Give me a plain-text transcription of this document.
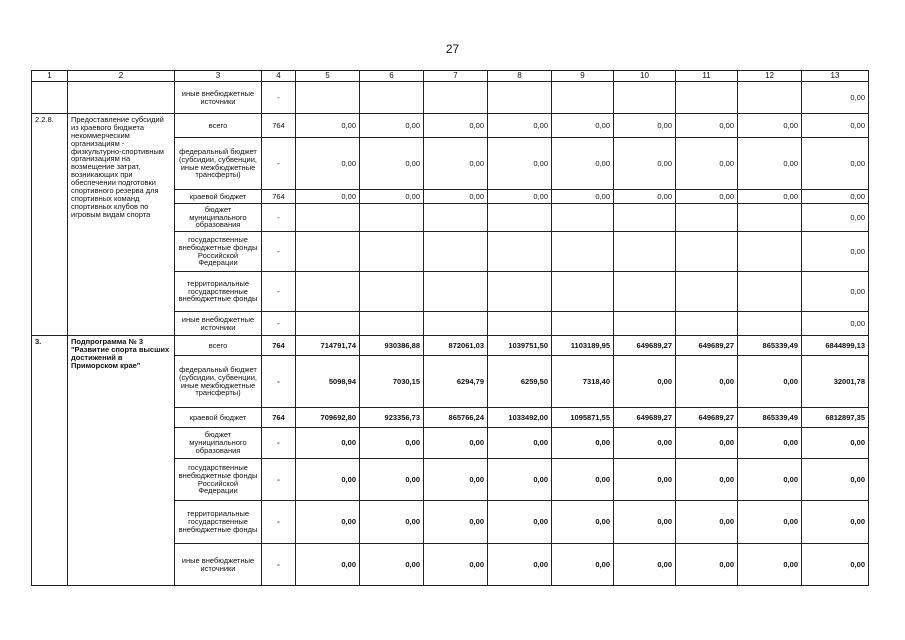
27
1	2	3	4	5	6	7	8	9	10	11	12	13
		иные внебюджетные источники	-									0,00
2.2.8.	Предоставление субсидий из краевого бюджета некоммерческим организациям - физкультурно-спортивным организациям на возмещение затрат, возникающих при обеспечении подготовки спортивного резерва для спортивных команд спортивных клубов по игровым видам спорта	всего	764	0,00	0,00	0,00	0,00	0,00	0,00	0,00	0,00	0,00
		федеральный бюджет (субсидии, субвенции, иные межбюджетные трансферты)	-	0,00	0,00	0,00	0,00	0,00	0,00	0,00	0,00	0,00
		краевой бюджет	764	0,00	0,00	0,00	0,00	0,00	0,00	0,00	0,00	0,00
		бюджет муниципального образования	-									0,00
		государственные внебюджетные фонды Российской Федерации	-									0,00
		территориальные государственные внебюджетные фонды	-									0,00
		иные внебюджетные источники	-									0,00
3.	Подпрограмма № 3 "Развитие спорта высших достижений в Приморском крае"	всего	764	714791,74	930386,88	872061,03	1039751,50	1103189,95	649689,27	649689,27	865339,49	6844899,13
		федеральный бюджет (субсидии, субвенции, иные межбюджетные трансферты)	-	5098,94	7030,15	6294,79	6259,50	7318,40	0,00	0,00	0,00	32001,78
		краевой бюджет	764	709692,80	923356,73	865766,24	1033492,00	1095871,55	649689,27	649689,27	865339,49	6812897,35
		бюджет муниципального образования	-	0,00	0,00	0,00	0,00	0,00	0,00	0,00	0,00	0,00
		государственные внебюджетные фонды Российской Федерации	-	0,00	0,00	0,00	0,00	0,00	0,00	0,00	0,00	0,00
		территориальные государственные внебюджетные фонды	-	0,00	0,00	0,00	0,00	0,00	0,00	0,00	0,00	0,00
		иные внебюджетные источники	-	0,00	0,00	0,00	0,00	0,00	0,00	0,00	0,00	0,00
